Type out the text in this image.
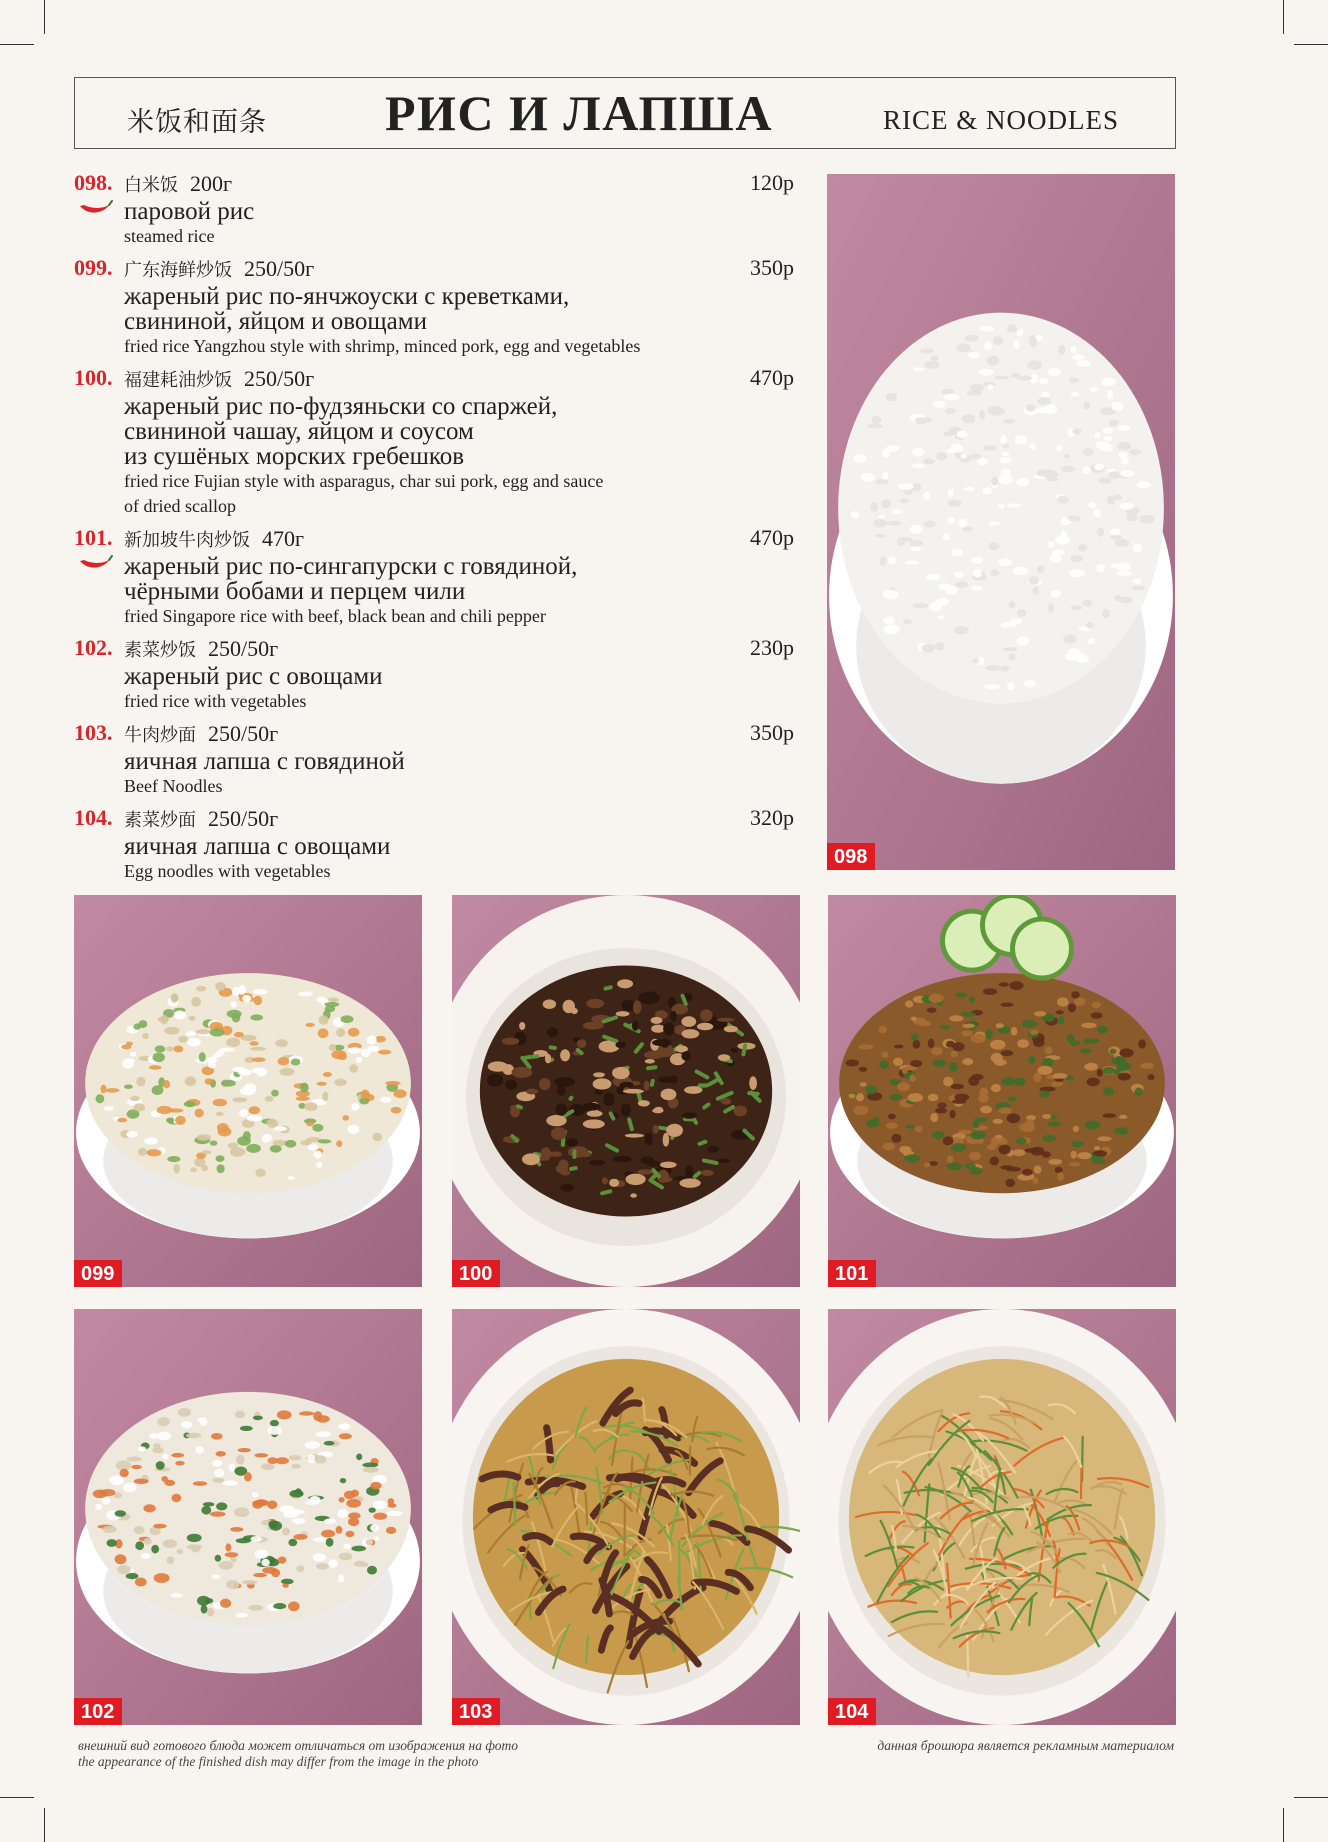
米饭和面条 РИС И ЛАПША	RICE & NOODLES
098. 白米饭 200г	120р
паровой рис
steamed rice
099. 广东海鲜炒饭 250/50г	350р
жареный рис по-янчжоуски с креветками,
свининой, яйцом и овощами
fried rice Yangzhou style with shrimp, minced pork, egg and vegetables
100. 福建耗油炒饭 250/50г	470р
жареный рис по-фудзяньски со спаржей,
свининой чашау, яйцом и соусом
из сушёных морских гребешков
fried rice Fujian style with asparagus, char sui pork, egg and sauce
of dried scallop
101. 新加坡牛肉炒饭 470г	470р
жареный рис по-сингапурски с говядиной,
чёрными бобами и перцем чили
fried Singapore rice with beef, black bean and chili pepper
102. 素菜炒饭 250/50г	230р
жареный рис с овощами
fried rice with vegetables
103. 牛肉炒面 250/50г	350р
яичная лапша с говядиной
Beef Noodles
104. 素菜炒面 250/50г	320р
яичная лапша с овощами
Egg noodles with vegetables
098
099	100	101
102	103	104
внешний вид готового блюда может отличаться от изображения на фото
the appearance of the finished dish may differ from the image in the photo
данная брошюра является рекламным материалом
